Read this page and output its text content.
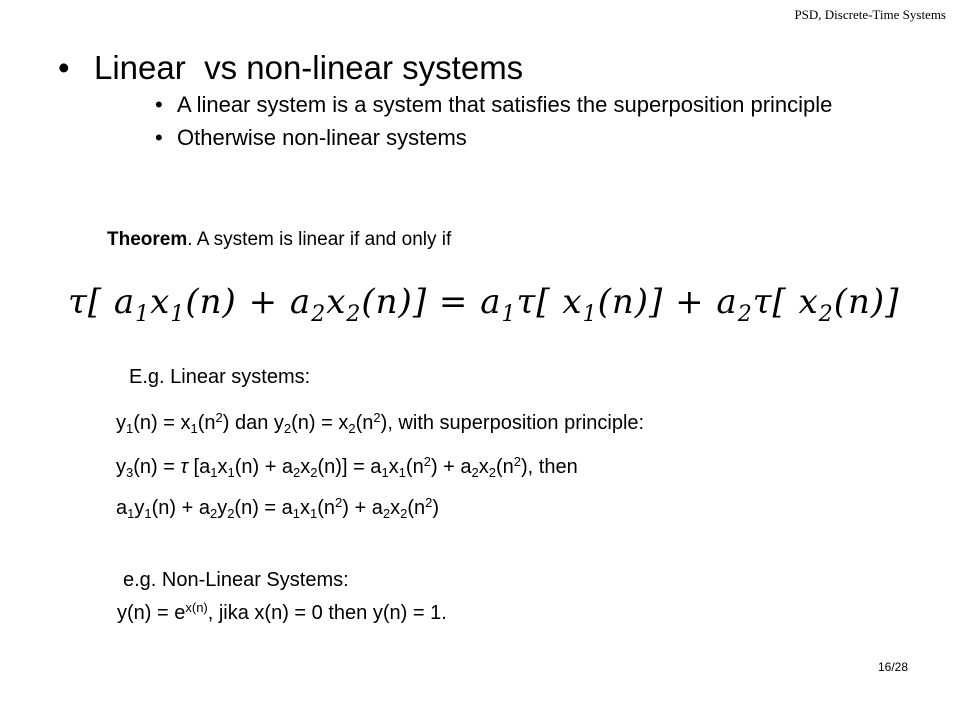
PSD, Discrete-Time Systems
• Linear  vs non-linear systems
• A linear system is a system that satisfies the superposition principle
• Otherwise non-linear systems
Theorem. A system is linear if and only if
τ[ $a_1x_1(n) + a_2x_2(n)] = a_1\tau$[ $x_1(n)] + a_2\tau$[ $x_2(n)$]
E.g. Linear systems:
$y_1(n) = x_1(n^2)$ dan $y_2(n) = x_2(n^2)$, with superposition principle:
$y_3(n) = \tau$ $[a_1x_1(n) + a_2x_2(n)] = a_1x_1(n^2) + a_2x_2(n^2)$, then
$a_1y_1(n) + a_2y_2(n) = a_1x_1(n^2) + a_2x_2(n^2)$
e.g. Non-Linear Systems:
$y(n) = e^{x(n)}$, jika x(n) = 0 then y(n) = 1.
16/28
